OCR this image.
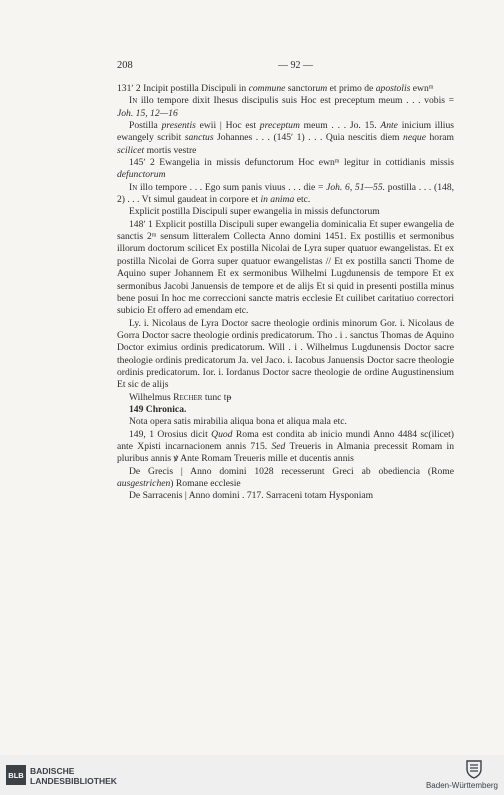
208	— 92 —

131ʹ 2 Incipit postilla Discipuli in commune sanctorum et primo de apostolis ewnᵐ

In illo tempore dixit Ihesus discipulis suis Hoc est preceptum meum . . . vobis = Joh. 15, 12—16

Postilla presentis ewii | Hoc est preceptum meum . . . Jo. 15. Ante inicium illius ewangely scribit sanctus Johannes . . . (145ʹ 1) . . . Quia nescitis diem neque horam scilicet mortis vestre

145ʹ 2 Ewangelia in missis defunctorum Hoc ewnᵐ legitur in cottidianis missis defunctorum

In illo tempore . . . Ego sum panis viuus . . . die = Joh. 6, 51—55. postilla . . . (148, 2) . . . Vt simul gaudeat in corpore et in anima etc.

Explicit postilla Discipuli super ewangelia in missis defunctorum

148ʹ 1 Explicit postilla Discipuli super ewangelia dominicalia Et super ewangelia de sanctis 2ᵐ sensum litteralem Collecta Anno domini 1451. Ex postillis et sermonibus illorum doctorum scilicet Ex postilla Nicolai de Lyra super quatuor ewangelistas. Et ex postilla Nicolai de Gorra super quatuor ewangelistas // Et ex postilla sancti Thome de Aquino super Johannem Et ex sermonibus Wilhelmi Lugdunensis de tempore Et ex sermonibus Jacobi Januensis de tempore et de alijs Et si quid in presenti postilla minus bene posui In hoc me correccioni sancte matris ecclesie Et cuilibet caritatiuo correctori subicio Et offero ad emendam etc.

Ly. i. Nicolaus de Lyra Doctor sacre theologie ordinis minorum Gor. i. Nicolaus de Gorra Doctor sacre theologie ordinis predicatorum. Tho . i . sanctus Thomas de Aquino Doctor eximius ordinis predicatorum. Will . i . Wilhelmus Lugdunensis Doctor sacre theologie ordinis predicatorum Ja. vel Jaco. i. Iacobus Januensis Doctor sacre theologie ordinis predicatorum. Ior. i. Iordanus Doctor sacre theologie de ordine Augustinensium Et sic de alijs

Wilhelmus Recher tunc tᵽ

149 Chronica.

Nota opera satis mirabilia aliqua bona et aliqua mala etc.

149, 1 Orosius dicit Quod Roma est condita ab inicio mundi Anno 4484 sc(ilicet) ante Xpisti incarnacionem annis 715. Sed Treueris in Almania precessit Romam in pluribus annis ꝟ Ante Romam Treueris mille et ducentis annis

De Grecis | Anno domini 1028 recesserunt Greci ab obediencia (Rome ausgestrichen) Romane ecclesie

De Sarracenis | Anno domini . 717. Sarraceni totam Hysponiam

BLB BADISCHE
LANDESBIBLIOTHEK	Baden-Württemberg
